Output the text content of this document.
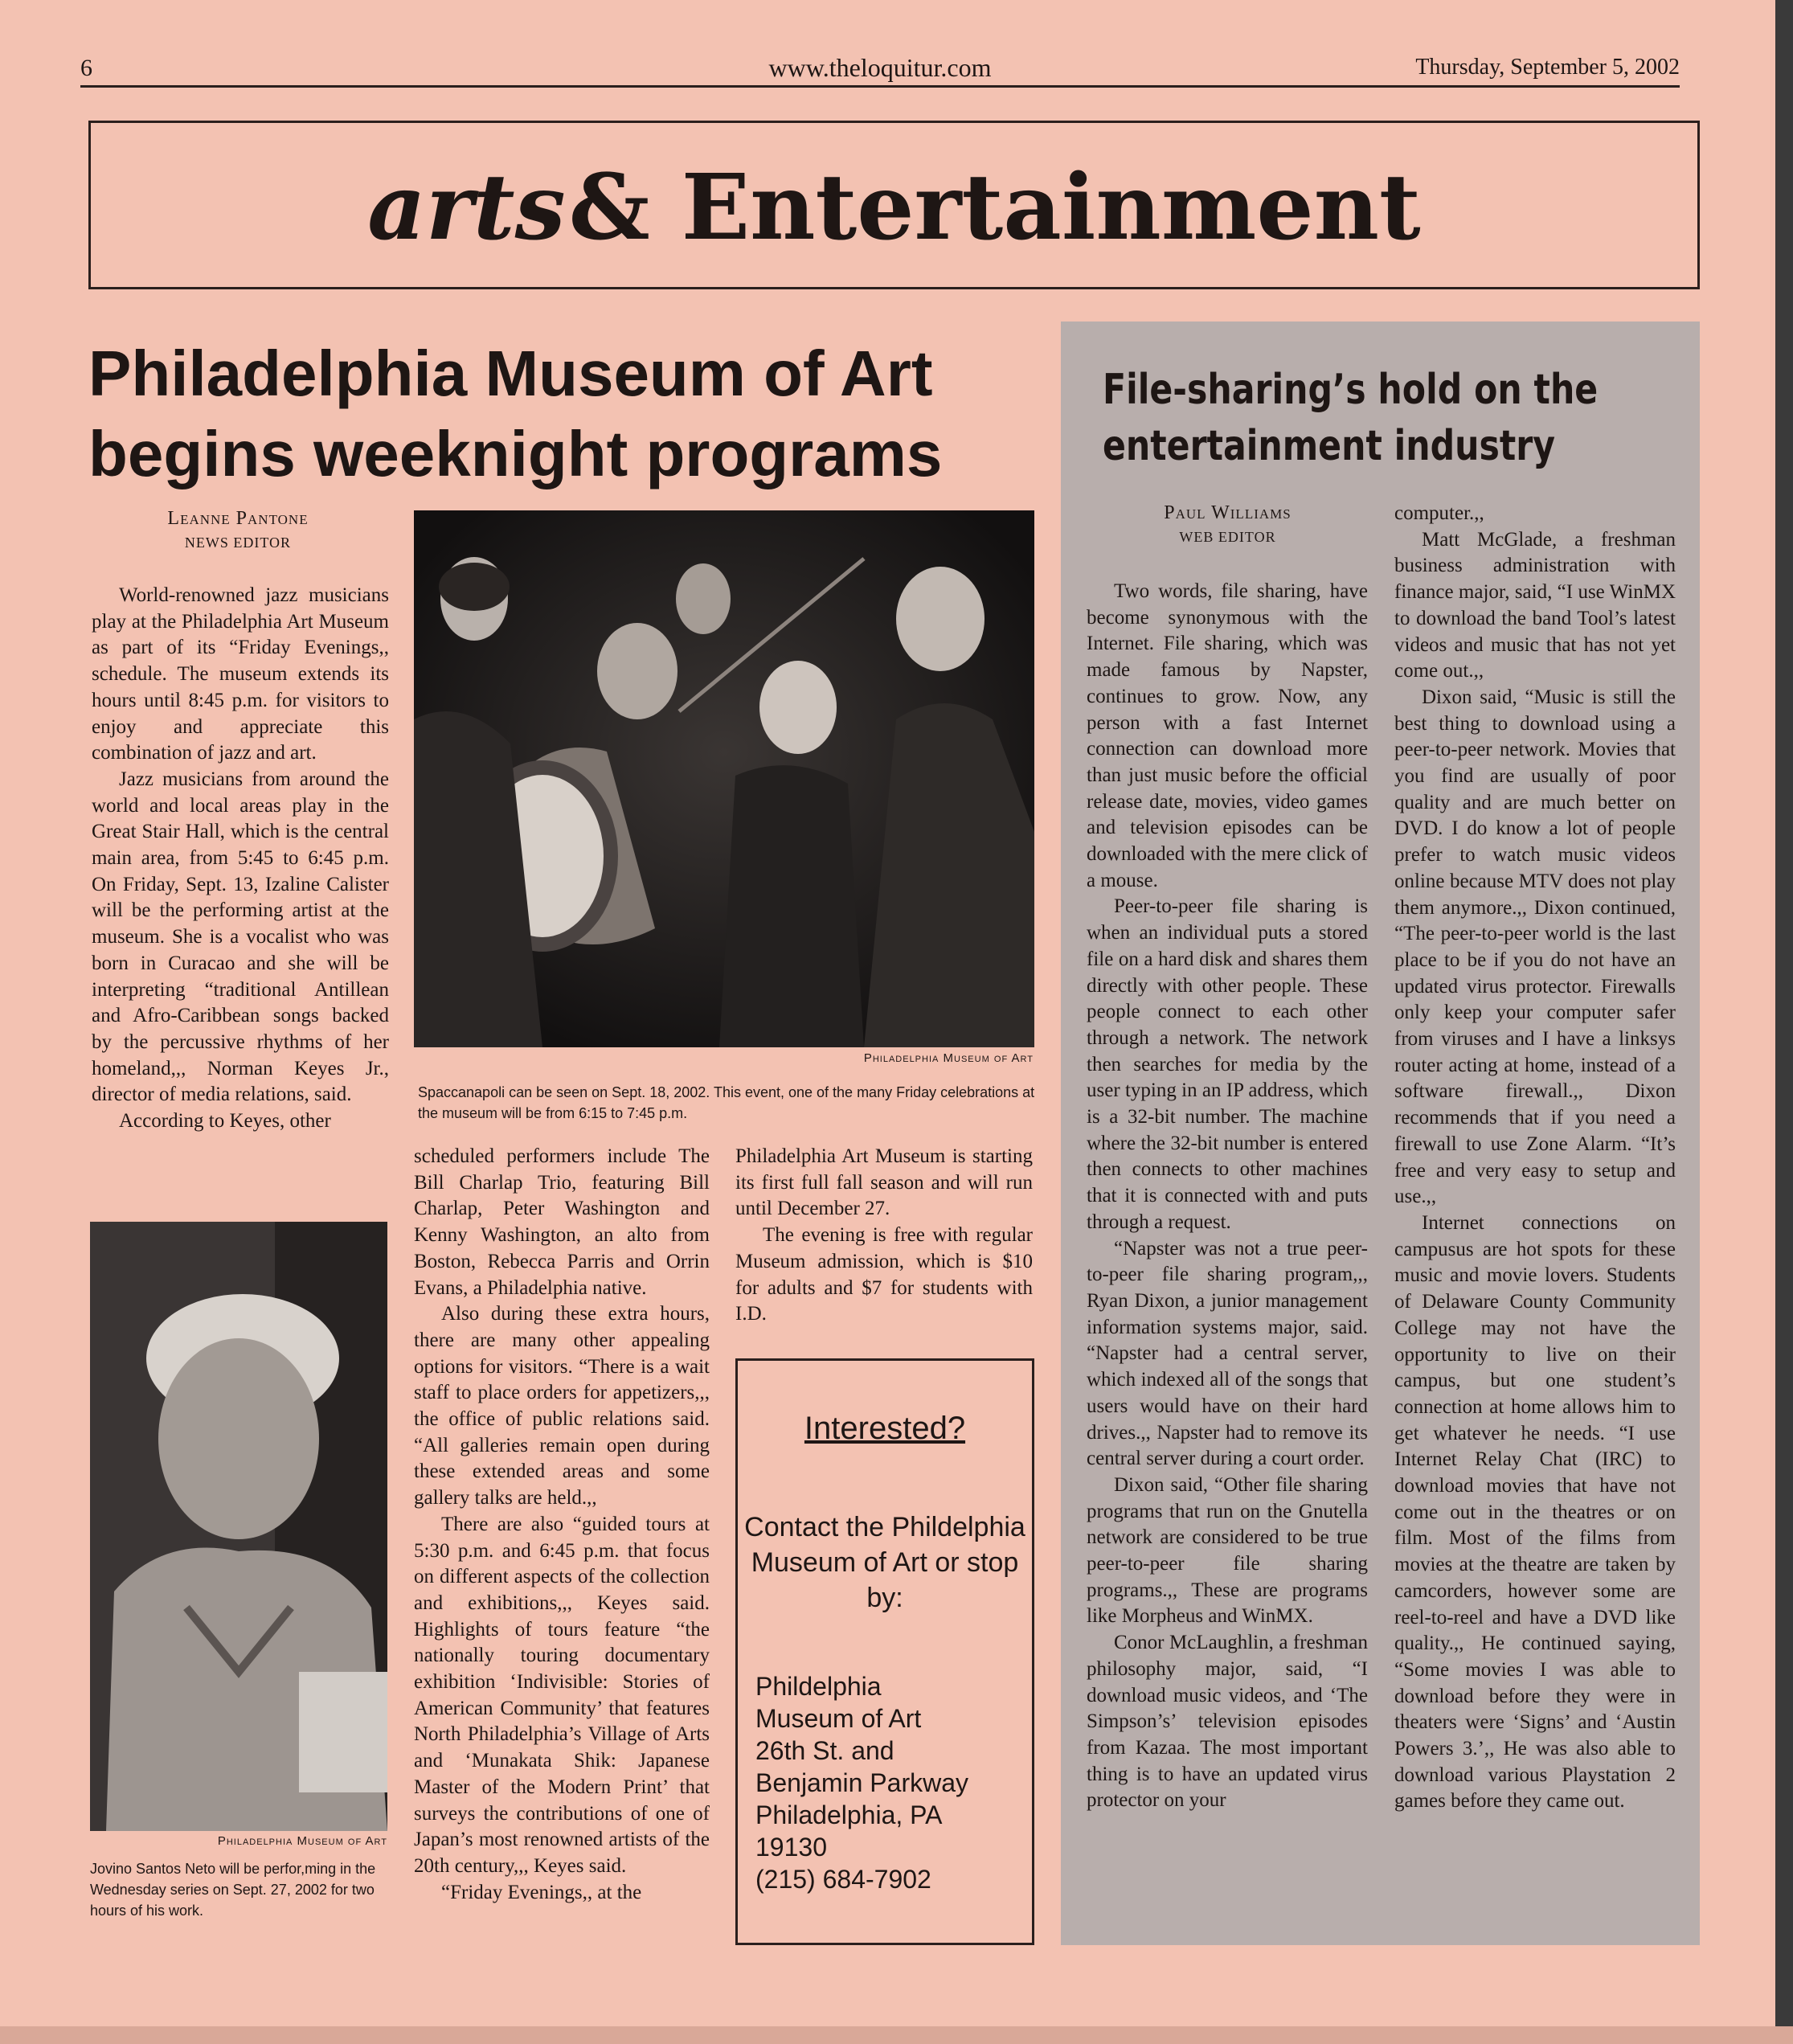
6	www.theloquitur.com	Thursday, September 5, 2002
arts & Entertainment
Philadelphia Museum of Art begins weeknight programs
Leanne Pantone
NEWS EDITOR

World-renowned jazz musicians play at the Philadelphia Art Museum as part of its “Friday Evenings,, schedule. The museum extends its hours until 8:45 p.m. for visitors to enjoy and appreciate this combination of jazz and art.

Jazz musicians from around the world and local areas play in the Great Stair Hall, which is the central main area, from 5:45 to 6:45 p.m. On Friday, Sept. 13, Izaline Calister will be the performing artist at the museum. She is a vocalist who was born in Curacao and she will be interpreting “traditional Antillean and Afro-Caribbean songs backed by the percussive rhythms of her homeland,,, Norman Keyes Jr., director of media relations, said.

According to Keyes, other

Philadelphia Museum of Art
Spaccanapoli can be seen on Sept. 18, 2002. This event, one of the many Friday celebrations at the museum will be from 6:15 to 7:45 p.m.
Philadelphia Museum of Art
Jovino Santos Neto will be perfor,ming in the Wednesday series on Sept. 27, 2002 for two hours of his work.

scheduled performers include The Bill Charlap Trio, featuring Bill Charlap, Peter Washington and Kenny Washington, an alto from Boston, Rebecca Parris and Orrin Evans, a Philadelphia native.

Also during these extra hours, there are many other appealing options for visitors. “There is a wait staff to place orders for appetizers,,, the office of public relations said. “All galleries remain open during these extended areas and some gallery talks are held.,,

There are also “guided tours at 5:30 p.m. and 6:45 p.m. that focus on different aspects of the collection and exhibitions,,, Keyes said. Highlights of tours feature “the nationally touring documentary exhibition ‘Indivisible: Stories of American Community’ that features North Philadelphia’s Village of Arts and ‘Munakata Shik: Japanese Master of the Modern Print’ that surveys the contributions of one of Japan’s most renowned artists of the 20th century,,, Keyes said.

“Friday Evenings,, at the

Philadelphia Art Museum is starting its first full fall season and will run until December 27.

The evening is free with regular Museum admission, which is $10 for adults and $7 for students with I.D.

Interested?
Contact the Phildelphia Museum of Art or stop by:
Phildelphia
Museum of Art
26th St. and
Benjamin Parkway
Philadelphia, PA
19130
(215) 684-7902
File-sharing’s hold on the entertainment industry
Paul Williams
WEB EDITOR

Two words, file sharing, have become synonymous with the Internet. File sharing, which was made famous by Napster, continues to grow. Now, any person with a fast Internet connection can download more than just music before the official release date, movies, video games and television episodes can be downloaded with the mere click of a mouse.

Peer-to-peer file sharing is when an individual puts a stored file on a hard disk and shares them directly with other people. These people connect to each other through a network. The network then searches for media by the user typing in an IP address, which is a 32-bit number. The machine where the 32-bit number is entered then connects to other machines that it is connected with and puts through a request.

“Napster was not a true peer-to-peer file sharing program,,, Ryan Dixon, a junior management information systems major, said. “Napster had a central server, which indexed all of the songs that users would have on their hard drives.,, Napster had to remove its central server during a court order.

Dixon said, “Other file sharing programs that run on the Gnutella network are considered to be true peer-to-peer file sharing programs.,, These are programs like Morpheus and WinMX.

Conor McLaughlin, a freshman philosophy major, said, “I download music videos, and ‘The Simpson’s’ television episodes from Kazaa. The most important thing is to have an updated virus protector on your

computer.,,

Matt McGlade, a freshman business administration with finance major, said, “I use WinMX to download the band Tool’s latest videos and music that has not yet come out.,,

Dixon said, “Music is still the best thing to download using a peer-to-peer network. Movies that you find are usually of poor quality and are much better on DVD. I do know a lot of people prefer to watch music videos online because MTV does not play them anymore.,, Dixon continued, “The peer-to-peer world is the last place to be if you do not have an updated virus protector. Firewalls only keep your computer safer from viruses and I have a linksys router acting at home, instead of a software firewall.,, Dixon recommends that if you need a firewall to use Zone Alarm. “It’s free and very easy to setup and use.,,

Internet connections on campusus are hot spots for these music and movie lovers. Students of Delaware County Community College may not have the opportunity to live on their campus, but one student’s connection at home allows him to get whatever he needs. “I use Internet Relay Chat (IRC) to download movies that have not come out in the theatres or on film. Most of the films from movies at the theatre are taken by camcorders, however some are reel-to-reel and have a DVD like quality.,, He continued saying, “Some movies I was able to download before they were in theaters were ‘Signs’ and ‘Austin Powers 3.’,, He was also able to download various Playstation 2 games before they came out.
